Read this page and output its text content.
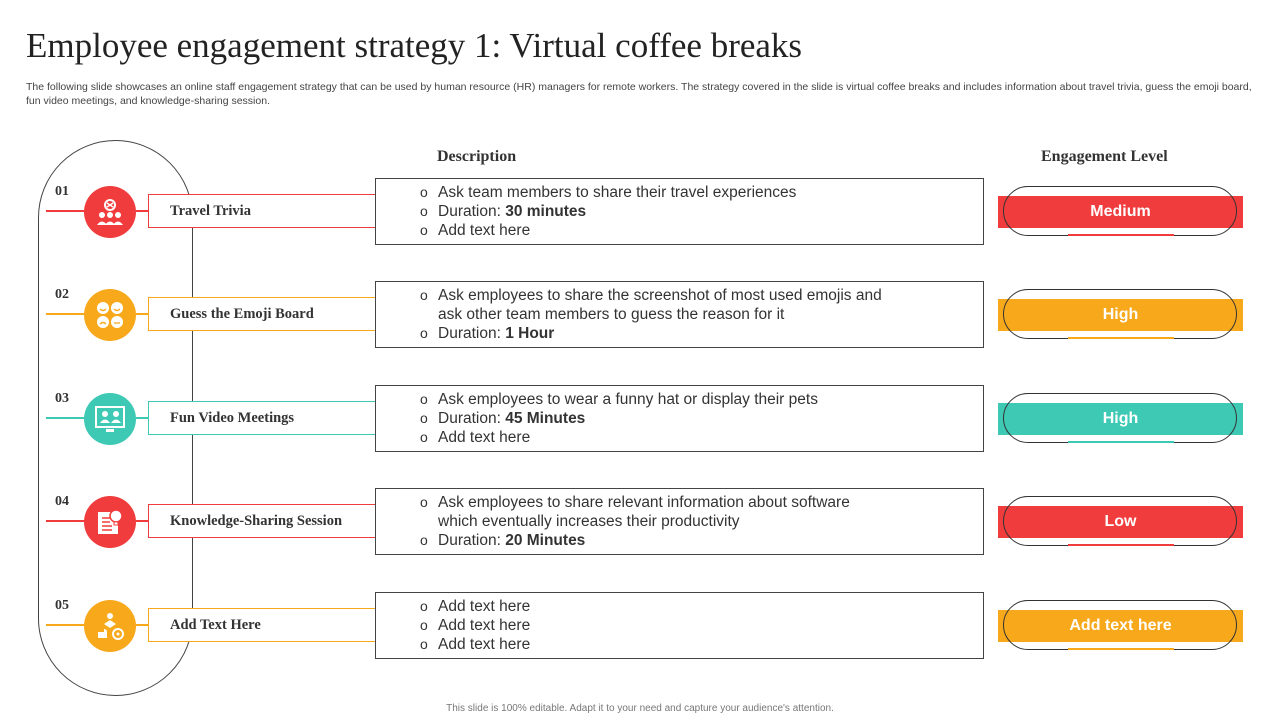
Employee engagement strategy 1: Virtual coffee breaks
The following slide showcases an online staff engagement strategy that can be used by human resource (HR) managers for remote workers. The strategy covered in the slide is virtual coffee breaks and includes information about travel trivia, guess the emoji board, fun video meetings, and knowledge-sharing session.
Description	Engagement Level
01
Travel Trivia
o Ask team members to share their travel experiences
o Duration: 30 minutes
o Add text here
Medium
02
Guess the Emoji Board
o Ask employees to share the screenshot of most used emojis and
ask other team members to guess the reason for it
o Duration: 1 Hour
High
03
Fun Video Meetings
o Ask employees to wear a funny hat or display their pets
o Duration: 45 Minutes
o Add text here
High
04
Knowledge-Sharing Session
o Ask employees to share relevant information about software
which eventually increases their productivity
o Duration: 20 Minutes
Low
05
Add Text Here
o Add text here
o Add text here
o Add text here
Add text here
This slide is 100% editable. Adapt it to your need and capture your audience's attention.
